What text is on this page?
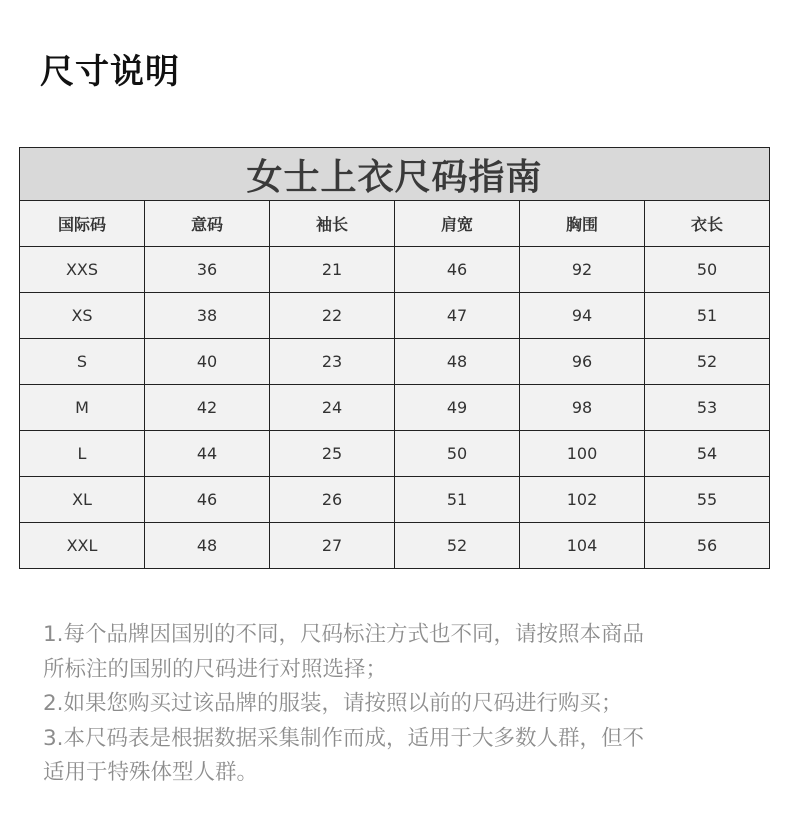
尺寸说明
女士上衣尺码指南					
国际码	意码	袖长	肩宽	胸围	衣长
XXS	36	21	46	92	50
XS	38	22	47	94	51
S	40	23	48	96	52
M	42	24	49	98	53
L	44	25	50	100	54
XL	46	26	51	102	55
XXL	48	27	52	104	56
1.每个品牌因国别的不同，尺码标注方式也不同，请按照本商品
所标注的国别的尺码进行对照选择；
2.如果您购买过该品牌的服装，请按照以前的尺码进行购买；
3.本尺码表是根据数据采集制作而成，适用于大多数人群，但不
适用于特殊体型人群。
